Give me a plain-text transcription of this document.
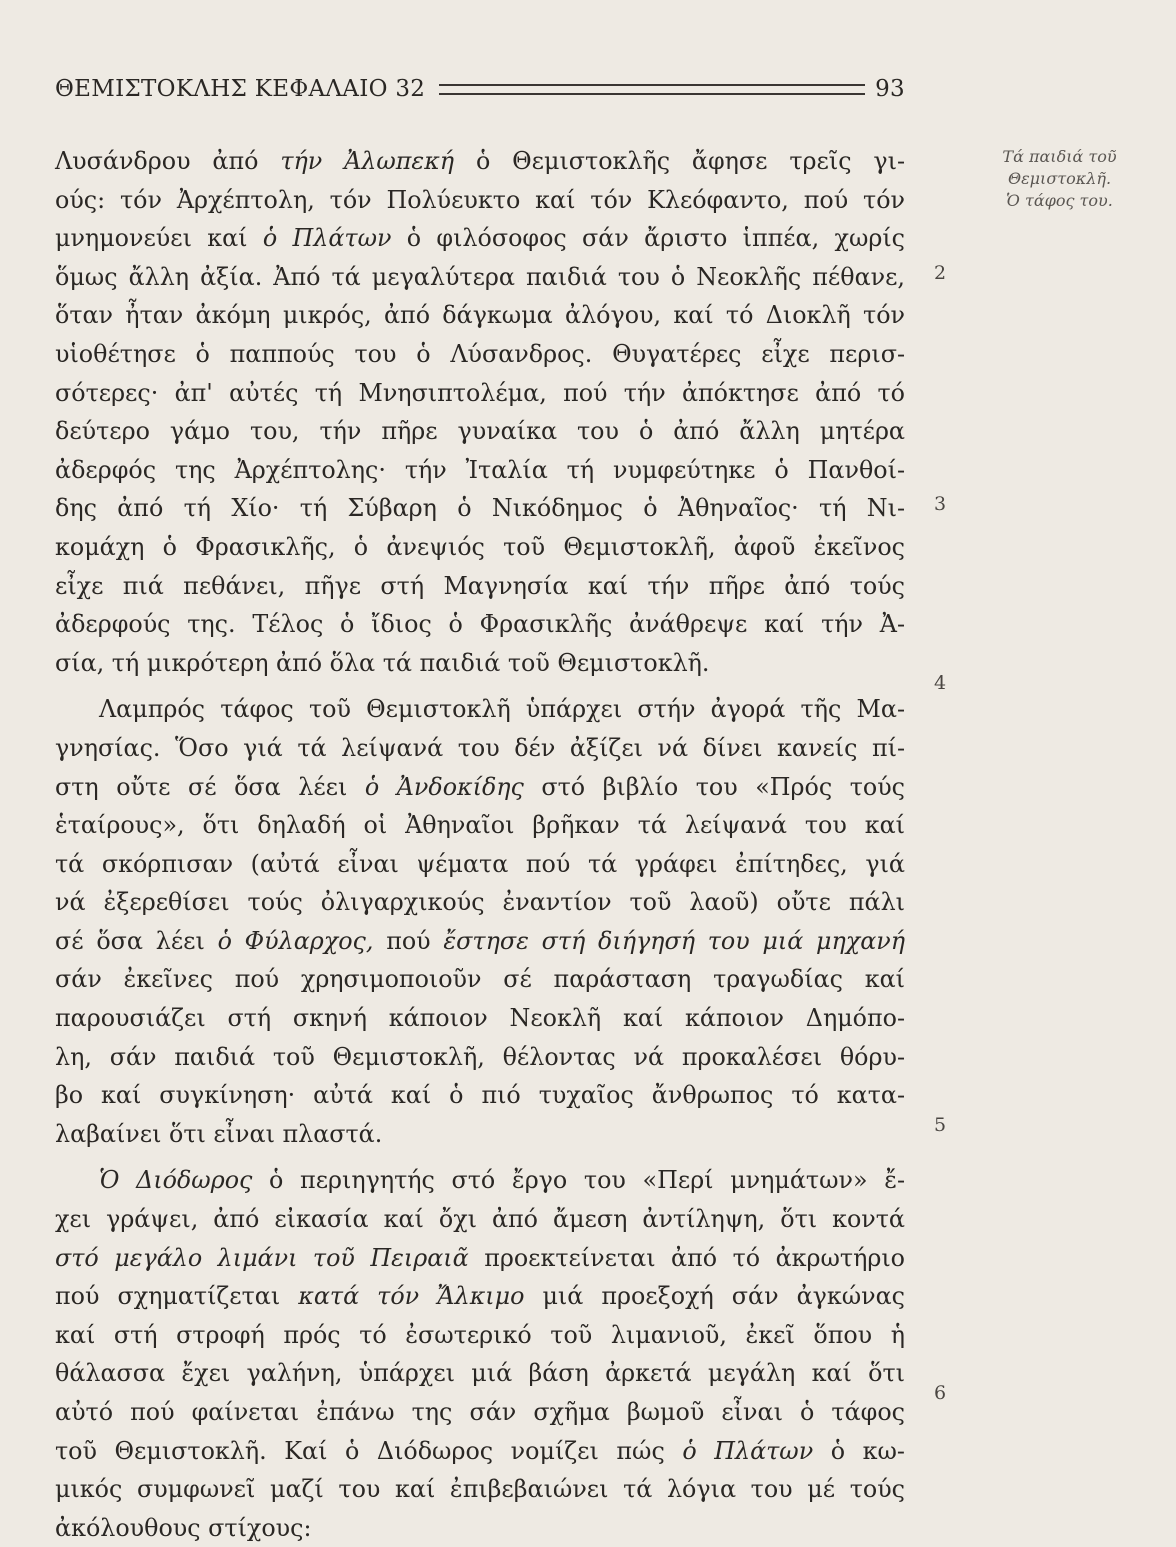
ΘΕΜΙΣΤΟΚΛΗΣ ΚΕΦΑΛΑΙΟ 32	93
Τά παιδιά τοῦ
Θεμιστοκλῆ.
Ὁ τάφος του.
2
3
4
5
6

Λυσάνδρου ἀπό τήν Ἀλωπεκή ὁ Θεμιστοκλῆς ἄφησε τρεῖς γι-
ούς: τόν Ἀρχέπτολη, τόν Πολύευκτο καί τόν Κλεόφαντο, πού τόν
μνημονεύει καί ὁ Πλάτων ὁ φιλόσοφος σάν ἄριστο ἱππέα, χωρίς
ὅμως ἄλλη ἀξία. Ἀπό τά μεγαλύτερα παιδιά του ὁ Νεοκλῆς πέθανε,
ὅταν ἦταν ἀκόμη μικρός, ἀπό δάγκωμα ἀλόγου, καί τό Διοκλῆ τόν
υἱοθέτησε ὁ παππούς του ὁ Λύσανδρος. Θυγατέρες εἶχε περισ-
σότερες· ἀπ' αὐτές τή Μνησιπτολέμα, πού τήν ἀπόκτησε ἀπό τό
δεύτερο γάμο του, τήν πῆρε γυναίκα του ὁ ἀπό ἄλλη μητέρα
ἀδερφός της Ἀρχέπτολης· τήν Ἰταλία τή νυμφεύτηκε ὁ Πανθοί-
δης ἀπό τή Χίο· τή Σύβαρη ὁ Νικόδημος ὁ Ἀθηναῖος· τή Νι-
κομάχη ὁ Φρασικλῆς, ὁ ἀνεψιός τοῦ Θεμιστοκλῆ, ἀφοῦ ἐκεῖνος
εἶχε πιά πεθάνει, πῆγε στή Μαγνησία καί τήν πῆρε ἀπό τούς
ἀδερφούς της. Τέλος ὁ ἴδιος ὁ Φρασικλῆς ἀνάθρεψε καί τήν Ἀ-
σία, τή μικρότερη ἀπό ὅλα τά παιδιά τοῦ Θεμιστοκλῆ.

Λαμπρός τάφος τοῦ Θεμιστοκλῆ ὑπάρχει στήν ἀγορά τῆς Μα-
γνησίας. Ὅσο γιά τά λείψανά του δέν ἀξίζει νά δίνει κανείς πί-
στη οὔτε σέ ὅσα λέει ὁ Ἀνδοκίδης στό βιβλίο του «Πρός τούς
ἑταίρους», ὅτι δηλαδή οἱ Ἀθηναῖοι βρῆκαν τά λείψανά του καί
τά σκόρπισαν (αὐτά εἶναι ψέματα πού τά γράφει ἐπίτηδες, γιά
νά ἐξερεθίσει τούς ὀλιγαρχικούς ἐναντίον τοῦ λαοῦ) οὔτε πάλι
σέ ὅσα λέει ὁ Φύλαρχος, πού ἔστησε στή διήγησή του μιά μηχανή
σάν ἐκεῖνες πού χρησιμοποιοῦν σέ παράσταση τραγωδίας καί
παρουσιάζει στή σκηνή κάποιον Νεοκλῆ καί κάποιον Δημόπο-
λη, σάν παιδιά τοῦ Θεμιστοκλῆ, θέλοντας νά προκαλέσει θόρυ-
βο καί συγκίνηση· αὐτά καί ὁ πιό τυχαῖος ἄνθρωπος τό κατα-
λαβαίνει ὅτι εἶναι πλαστά.

Ὁ Διόδωρος ὁ περιηγητής στό ἔργο του «Περί μνημάτων» ἔ-
χει γράψει, ἀπό εἰκασία καί ὄχι ἀπό ἄμεση ἀντίληψη, ὅτι κοντά
στό μεγάλο λιμάνι τοῦ Πειραιᾶ προεκτείνεται ἀπό τό ἀκρωτήριο
πού σχηματίζεται κατά τόν Ἄλκιμο μιά προεξοχή σάν ἀγκώνας
καί στή στροφή πρός τό ἐσωτερικό τοῦ λιμανιοῦ, ἐκεῖ ὅπου ἡ
θάλασσα ἔχει γαλήνη, ὑπάρχει μιά βάση ἀρκετά μεγάλη καί ὅτι
αὐτό πού φαίνεται ἐπάνω της σάν σχῆμα βωμοῦ εἶναι ὁ τάφος
τοῦ Θεμιστοκλῆ. Καί ὁ Διόδωρος νομίζει πώς ὁ Πλάτων ὁ κω-
μικός συμφωνεῖ μαζί του καί ἐπιβεβαιώνει τά λόγια του μέ τούς
ἀκόλουθους στίχους:
